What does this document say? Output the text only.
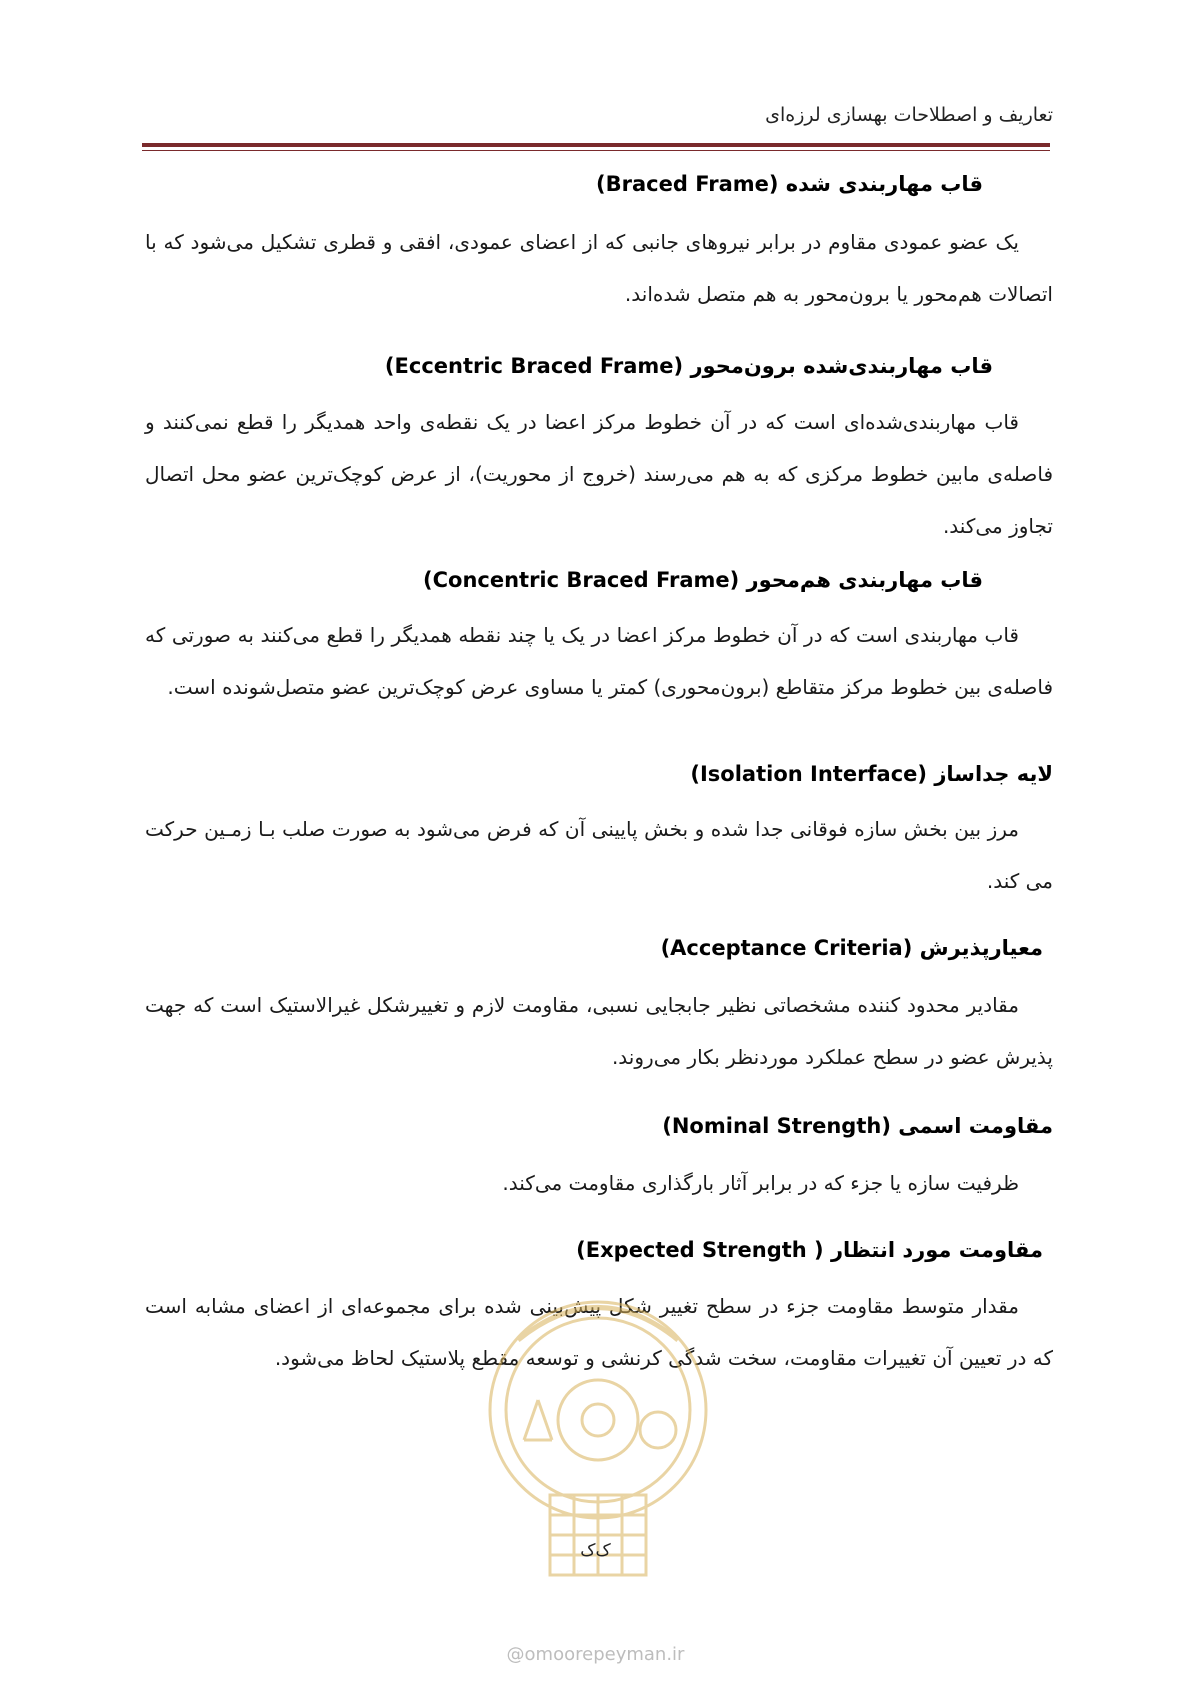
تعاریف و اصطلاحات بهسازی لرزه‌ای
قاب مهاربندی شده (Braced Frame)
یک عضو عمودی مقاوم در برابر نیروهای جانبی که از اعضای عمودی، افقی و قطری تشکیل می‌شود که با اتصالات هم‌محور یا برون‌محور به هم متصل شده‌اند.
قاب مهاربندی‌شده برون‌محور (Eccentric Braced Frame)
قاب مهاربندی‌شده‌ای است که در آن خطوط مرکز اعضا در یک نقطه‌ی واحد همدیگر را قطع نمی‌کنند و فاصله‌ی مابین خطوط مرکزی که به هم می‌رسند (خروج از محوریت)، از عرض کوچک‌ترین عضو محل اتصال تجاوز می‌کند.
قاب مهاربندی هم‌محور (Concentric Braced Frame)
قاب مهاربندی است که در آن خطوط مرکز اعضا در یک یا چند نقطه همدیگر را قطع می‌کنند به صورتی که فاصله‌ی بین خطوط مرکز متقاطع (برون‌محوری) کمتر یا مساوی عرض کوچک‌ترین عضو متصل‌شونده است.
لایه جداساز (Isolation Interface)
مرز بین بخش سازه فوقانی جدا شده و بخش پایینی آن که فرض می‌شود به صورت صلب بـا زمـین حرکت می کند.
معیارپذیرش (Acceptance Criteria)
مقادیر محدود کننده مشخصاتی نظیر جابجایی نسبی، مقاومت لازم و تغییرشکل غیرالاستیک است که جهت پذیرش عضو در سطح عملکرد موردنظر بکار می‌روند.
مقاومت اسمی (Nominal Strength)
ظرفیت سازه یا جزء که در برابر آثار بارگذاری مقاومت می‌کند.
مقاومت مورد انتظار ( Expected Strength)
مقدار متوسط مقاومت جزء در سطح تغییر شکل پیش‌بینی شده برای مجموعه‌ای از اعضای مشابه است که در تعیین آن تغییرات مقاومت، سخت شدگی کرنشی و توسعه مقطع پلاستیک لحاظ می‌شود.
ک‌ک
@omoorepeyman.ir
